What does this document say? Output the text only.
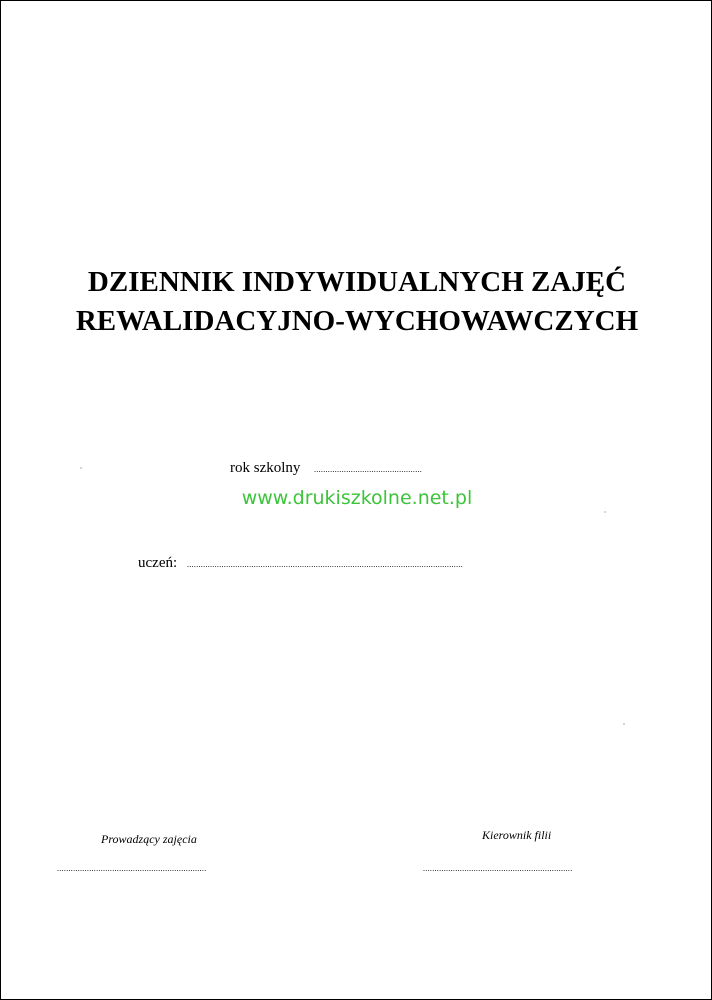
DZIENNIK INDYWIDUALNYCH ZAJĘĆ
REWALIDACYJNO-WYCHOWAWCZYCH
rok szkolny ...............................................
www.drukiszkolne.net.pl
uczeń: ........................................................................................................................
Prowadzący zajęcia
.................................................................
Kierownik filii
.................................................................
